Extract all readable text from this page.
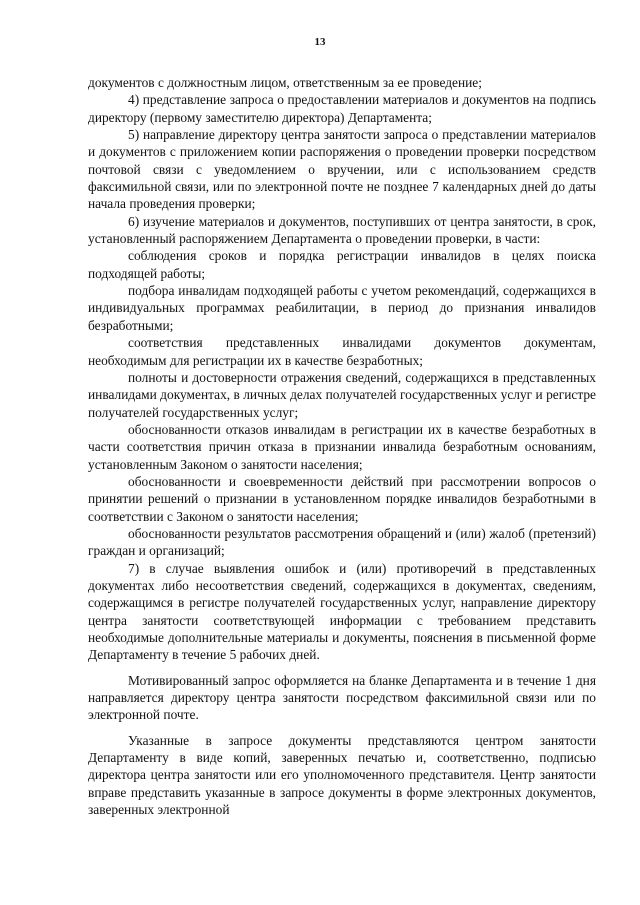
13

документов с должностным лицом, ответственным за ее проведение;

4) представление запроса о предоставлении материалов и документов на подпись директору (первому заместителю директора) Департамента;

5) направление директору центра занятости запроса о представлении материалов и документов с приложением копии распоряжения о проведении проверки посредством почтовой связи с уведомлением о вручении, или с использованием средств факсимильной связи, или по электронной почте не позднее 7 календарных дней до даты начала проведения проверки;

6) изучение материалов и документов, поступивших от центра занятости, в срок, установленный распоряжением Департамента о проведении проверки, в части:

соблюдения сроков и порядка регистрации инвалидов в целях поиска подходящей работы;

подбора инвалидам подходящей работы с учетом рекомендаций, содержащихся в индивидуальных программах реабилитации, в период до признания инвалидов безработными;

соответствия представленных инвалидами документов документам, необходимым для регистрации их в качестве безработных;

полноты и достоверности отражения сведений, содержащихся в представленных инвалидами документах, в личных делах получателей государственных услуг и регистре получателей государственных услуг;

обоснованности отказов инвалидам в регистрации их в качестве безработных в части соответствия причин отказа в признании инвалида безработным основаниям, установленным Законом о занятости населения;

обоснованности и своевременности действий при рассмотрении вопросов о принятии решений о признании в установленном порядке инвалидов безработными в соответствии с Законом о занятости населения;

обоснованности результатов рассмотрения обращений и (или) жалоб (претензий) граждан и организаций;

7) в случае выявления ошибок и (или) противоречий в представленных документах либо несоответствия сведений, содержащихся в документах, сведениям, содержащимся в регистре получателей государственных услуг, направление директору центра занятости соответствующей информации с требованием представить необходимые дополнительные материалы и документы, пояснения в письменной форме Департаменту в течение 5 рабочих дней.

Мотивированный запрос оформляется на бланке Департамента и в течение 1 дня направляется директору центра занятости посредством факсимильной связи или по электронной почте.

Указанные в запросе документы представляются центром занятости Департаменту в виде копий, заверенных печатью и, соответственно, подписью директора центра занятости или его уполномоченного представителя. Центр занятости вправе представить указанные в запросе документы в форме электронных документов, заверенных электронной
